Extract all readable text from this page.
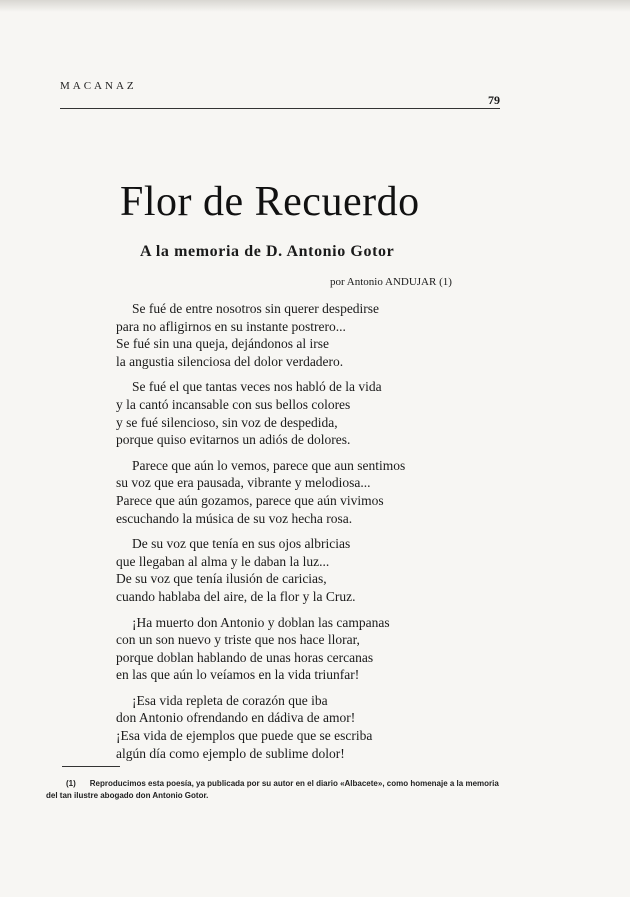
MACANAZ
79
Flor de Recuerdo
A la memoria de D. Antonio Gotor
por Antonio ANDUJAR (1)
Se fué de entre nosotros sin querer despedirse
para no afligirnos en su instante postrero...
Se fué sin una queja, dejándonos al irse
la angustia silenciosa del dolor verdadero.
Se fué el que tantas veces nos habló de la vida
y la cantó incansable con sus bellos colores
y se fué silencioso, sin voz de despedida,
porque quiso evitarnos un adiós de dolores.
Parece que aún lo vemos, parece que aun sentimos
su voz que era pausada, vibrante y melodiosa...
Parece que aún gozamos, parece que aún vivimos
escuchando la música de su voz hecha rosa.
De su voz que tenía en sus ojos albricias
que llegaban al alma y le daban la luz...
De su voz que tenía ilusión de caricias,
cuando hablaba del aire, de la flor y la Cruz.
¡Ha muerto don Antonio y doblan las campanas
con un son nuevo y triste que nos hace llorar,
porque doblan hablando de unas horas cercanas
en las que aún lo veíamos en la vida triunfar!
¡Esa vida repleta de corazón que iba
don Antonio ofrendando en dádiva de amor!
¡Esa vida de ejemplos que puede que se escriba
algún día como ejemplo de sublime dolor!
(1) Reproducimos esta poesía, ya publicada por su autor en el diario «Albacete», como homenaje a la memoria del tan ilustre abogado don Antonio Gotor.
